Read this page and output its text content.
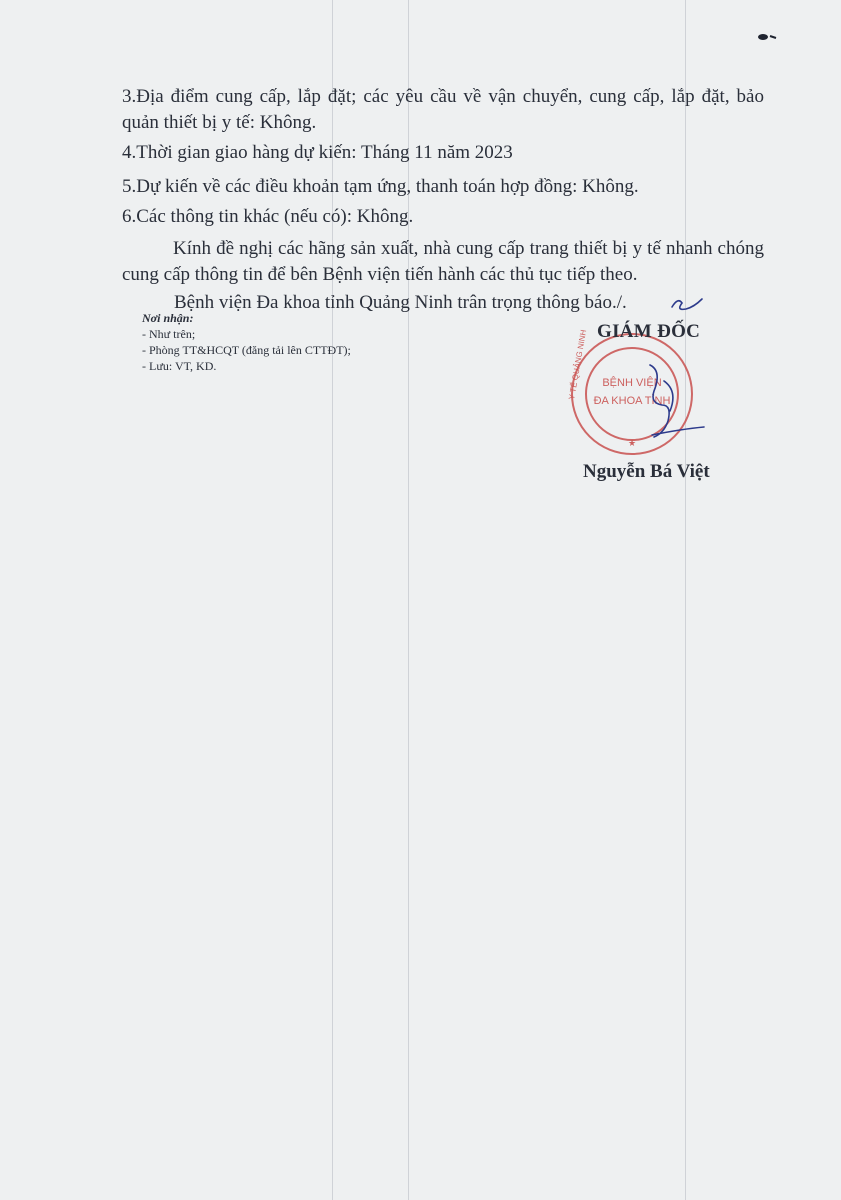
3.Địa điểm cung cấp, lắp đặt; các yêu cầu về vận chuyển, cung cấp, lắp đặt, bảo quản thiết bị y tế: Không.

4.Thời gian giao hàng dự kiến: Tháng 11 năm 2023

5.Dự kiến về các điều khoản tạm ứng, thanh toán hợp đồng: Không.

6.Các thông tin khác (nếu có): Không.

Kính đề nghị các hãng sản xuất, nhà cung cấp trang thiết bị y tế nhanh chóng cung cấp thông tin để bên Bệnh viện tiến hành các thủ tục tiếp theo.

Bệnh viện Đa khoa tỉnh Quảng Ninh trân trọng thông báo./.

Nơi nhận:
- Như trên;
- Phòng TT&HCQT (đăng tải lên CTTĐT);
- Lưu: VT, KD.
BỆNH VIỆN
ĐA KHOA TỈNH
Y TẾ QUẢNG NINH
★
GIÁM ĐỐC
Nguyễn Bá Việt
